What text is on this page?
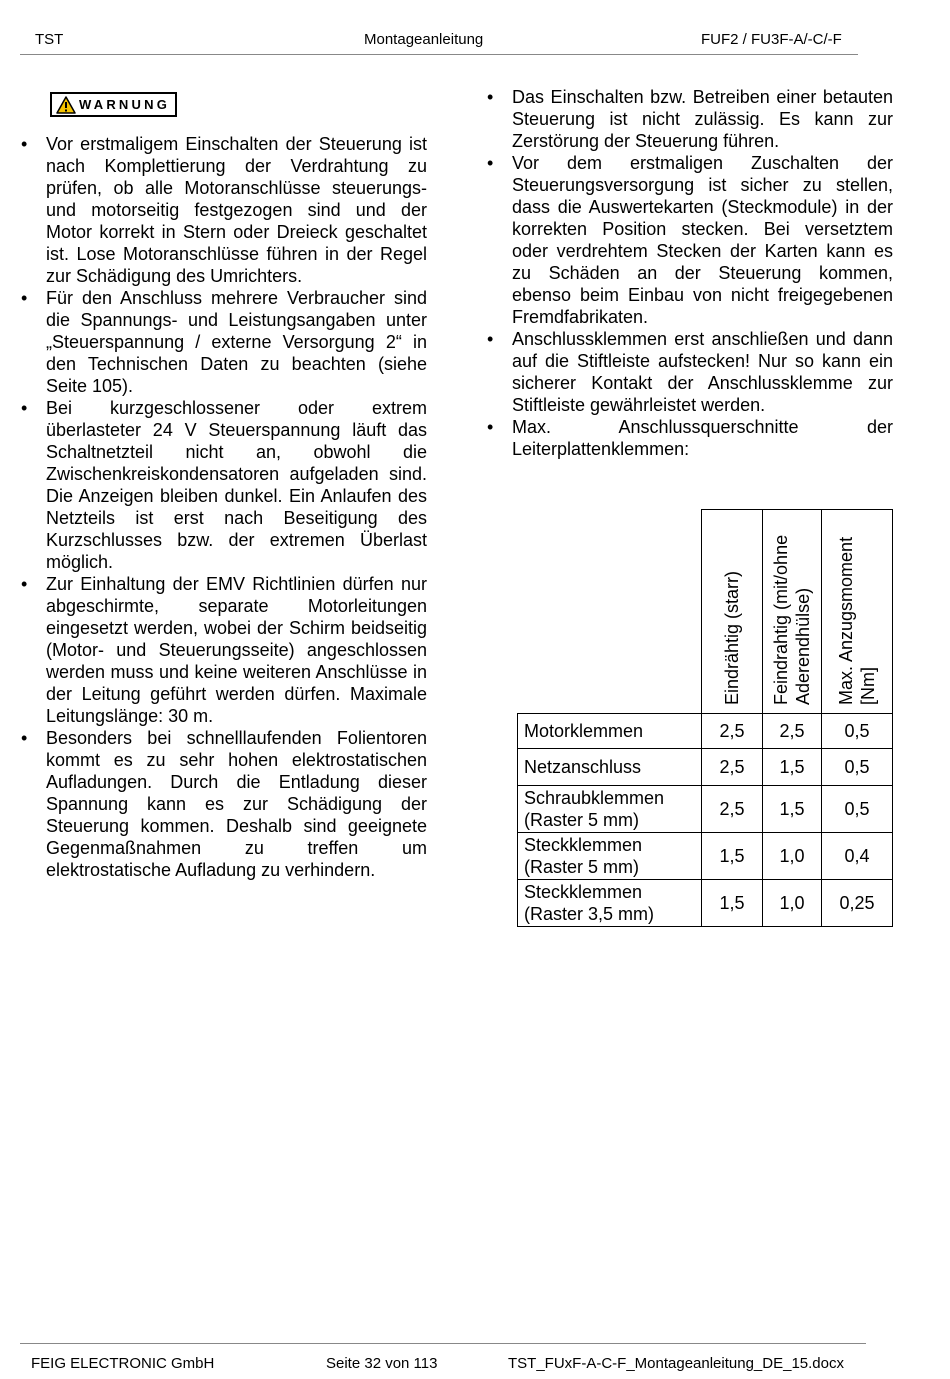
TST	Montageanleitung	FUF2 / FU3F-A/-C/-F
WARNUNG
• Vor erstmaligem Einschalten der Steuerung ist nach Komplettierung der Verdrahtung zu prüfen, ob alle Motoranschlüsse steuerungs- und motorseitig festgezogen sind und der Motor korrekt in Stern oder Dreieck geschaltet ist. Lose Motoranschlüsse führen in der Regel zur Schädigung des Umrichters.
• Für den Anschluss mehrere Verbraucher sind die Spannungs- und Leistungsangaben unter „Steuerspannung / externe Versorgung 2“ in den Technischen Daten zu beachten (siehe Seite 105).
• Bei kurzgeschlossener oder extrem überlasteter 24 V Steuerspannung läuft das Schaltnetzteil nicht an, obwohl die Zwischenkreiskondensatoren aufgeladen sind. Die Anzeigen bleiben dunkel. Ein Anlaufen des Netzteils ist erst nach Beseitigung des Kurzschlusses bzw. der extremen Überlast möglich.
• Zur Einhaltung der EMV Richtlinien dürfen nur abgeschirmte, separate Motorleitungen eingesetzt werden, wobei der Schirm beidseitig (Motor- und Steuerungsseite) angeschlossen werden muss und keine weiteren Anschlüsse in der Leitung geführt werden dürfen. Maximale Leitungslänge: 30 m.
• Besonders bei schnelllaufenden Folientoren kommt es zu sehr hohen elektrostatischen Aufladungen. Durch die Entladung dieser Spannung kann es zur Schädigung der Steuerung kommen. Deshalb sind geeignete Gegenmaßnahmen zu treffen um elektrostatische Aufladung zu verhindern.
• Das Einschalten bzw. Betreiben einer betauten Steuerung ist nicht zulässig. Es kann zur Zerstörung der Steuerung führen.
• Vor dem erstmaligen Zuschalten der Steuerungsversorgung ist sicher zu stellen, dass die Auswertekarten (Steckmodule) in der korrekten Position stecken. Bei versetztem oder verdrehtem Stecken der Karten kann es zu Schäden an der Steuerung kommen, ebenso beim Einbau von nicht freigegebenen Fremdfabrikaten.
• Anschlussklemmen erst anschließen und dann auf die Stiftleiste aufstecken! Nur so kann ein sicherer Kontakt der Anschlussklemme zur Stiftleiste gewährleistet werden.
• Max. Anschlussquerschnitte der Leiterplattenklemmen:

	Eindrähtig (starr)	Feindrahtig (mit/ohne Aderendhülse)	Max. Anzugsmoment [Nm]

Motorklemmen	2,5	2,5	0,5
Netzanschluss	2,5	1,5	0,5
Schraubklemmen (Raster 5 mm)	2,5	1,5	0,5
Steckklemmen (Raster 5 mm)	1,5	1,0	0,4
Steckklemmen (Raster 3,5 mm)	1,5	1,0	0,25
FEIG ELECTRONIC GmbH	Seite 32 von 113	TST_FUxF-A-C-F_Montageanleitung_DE_15.docx
